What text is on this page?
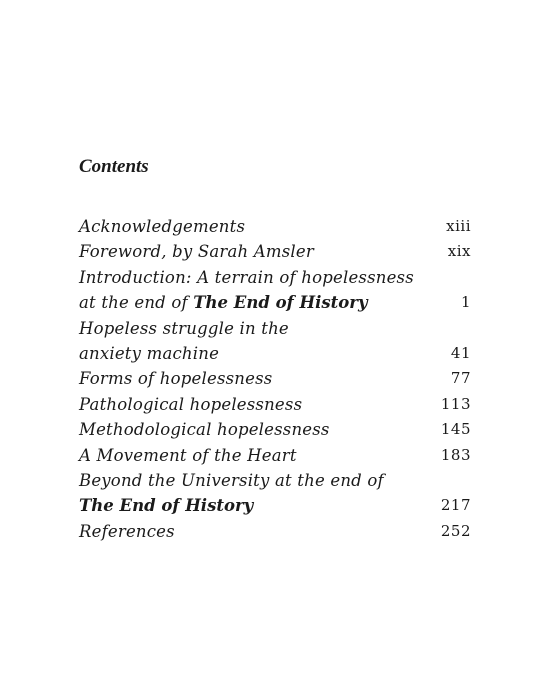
Contents
Acknowledgements	xiii
Foreword, by Sarah Amsler	xix
Introduction: A terrain of hopelessness
at the end of The End of History	1
Hopeless struggle in the
anxiety machine	41
Forms of hopelessness	77
Pathological hopelessness	113
Methodological hopelessness	145
A Movement of the Heart	183
Beyond the University at the end of
The End of History	217
References	252
